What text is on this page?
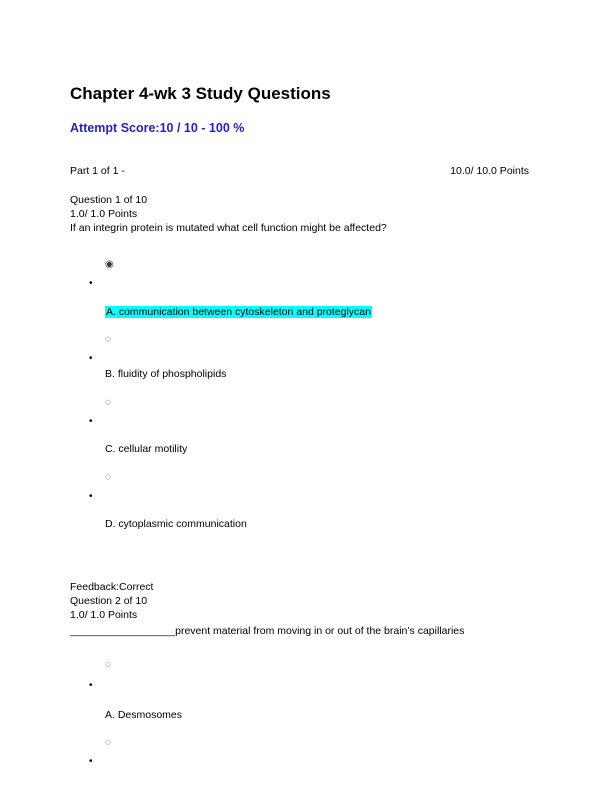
Chapter 4-wk 3 Study Questions
Attempt Score:10 / 10 - 100 %
Part 1 of 1 -	10.0/ 10.0 Points
Question 1 of 10
1.0/ 1.0 Points
If an integrin protein is mutated what cell function might be affected?
◉
•
A. communication between cytoskeleton and proteglycan
◌
•
B. fluidity of phospholipids
◌
•
C. cellular motility
◌
•
D. cytoplasmic communication
Feedback:Correct
Question 2 of 10
1.0/ 1.0 Points
__________________prevent material from moving in or out of the brain’s capillaries
◌
•
A. Desmosomes
◌
•
